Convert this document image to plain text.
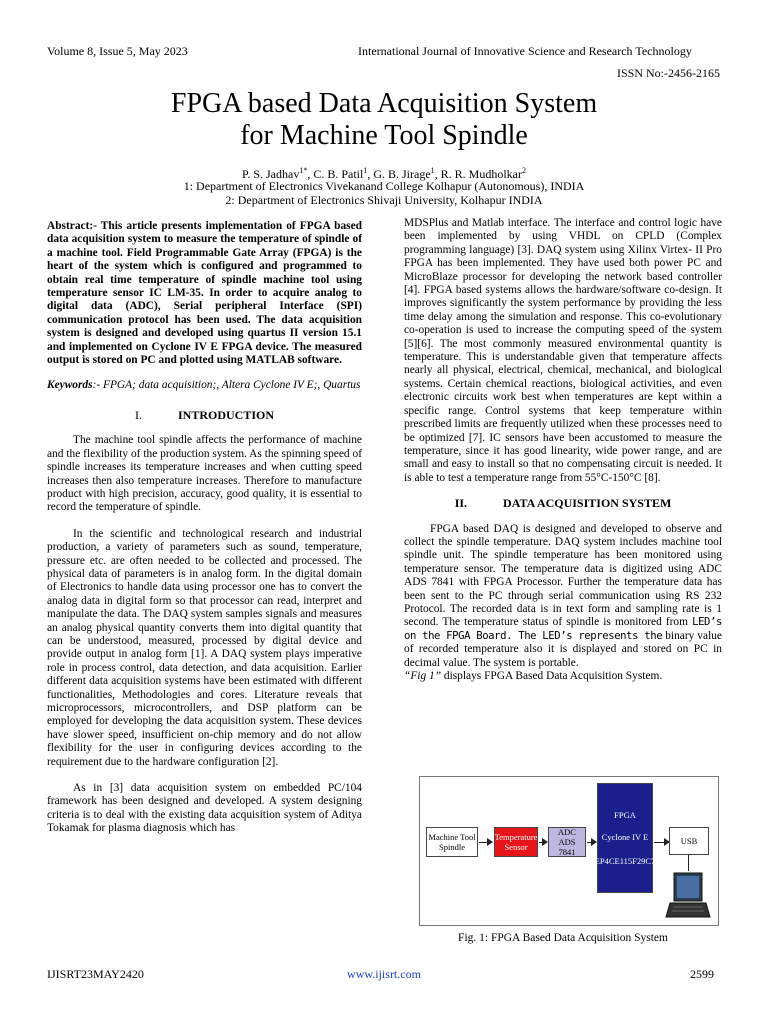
Volume 8, Issue 5, May 2023	International Journal of Innovative Science and Research Technology
ISSN No:-2456-2165
FPGA based Data Acquisition System
for Machine Tool Spindle
P. S. Jadhav$^{1*}$, C. B. Patil$^1$, G. B. Jirage$^1$, R. R. Mudholkar$^2$
1: Department of Electronics Vivekanand College Kolhapur (Autonomous), INDIA
2: Department of Electronics Shivaji University, Kolhapur INDIA

Abstract:- This article presents implementation of FPGA based data acquisition system to measure the temperature of spindle of a machine tool. Field Programmable Gate Array (FPGA) is the heart of the system which is configured and programmed to obtain real time temperature of spindle machine tool using temperature sensor IC LM-35. In order to acquire analog to digital data (ADC), Serial peripheral Interface (SPI) communication protocol has been used. The data acquisition system is designed and developed using quartus II version 15.1 and implemented on Cyclone IV E FPGA device. The measured output is stored on PC and plotted using MATLAB software.

Keywords:- FPGA; data acquisition;, Altera Cyclone IV E;, Quartus

I.	INTRODUCTION

The machine tool spindle affects the performance of machine and the flexibility of the production system. As the spinning speed of spindle increases its temperature increases and when cutting speed increases then also temperature increases. Therefore to manufacture product with high precision, accuracy, good quality, it is essential to record the temperature of spindle.

In the scientific and technological research and industrial production, a variety of parameters such as sound, temperature, pressure etc. are often needed to be collected and processed. The physical data of parameters is in analog form. In the digital domain of Electronics to handle data using processor one has to convert the analog data in digital form so that processor can read, interpret and manipulate the data. The DAQ system samples signals and measures an analog physical quantity converts them into digital quantity that can be understood, measured, processed by digital device and provide output in analog form [1]. A DAQ system plays imperative role in process control, data detection, and data acquisition. Earlier different data acquisition systems have been estimated with different functionalities, Methodologies and cores. Literature reveals that microprocessors, microcontrollers, and DSP platform can be employed for developing the data acquisition system. These devices have slower speed, insufficient on-chip memory and do not allow flexibility for the user in configuring devices according to the requirement due to the hardware configuration [2].

As in [3] data acquisition system on embedded PC/104 framework has been designed and developed. A system designing criteria is to deal with the existing data acquisition system of Aditya Tokamak for plasma diagnosis which has

MDSPlus and Matlab interface. The interface and control logic have been implemented by using VHDL on CPLD (Complex programming language) [3]. DAQ system using Xilinx Virtex- II Pro FPGA has been implemented. They have used both power PC and MicroBlaze processor for developing the network based controller [4]. FPGA based systems allows the hardware/software co-design. It improves significantly the system performance by providing the less time delay among the simulation and response. This co-evolutionary co-operation is used to increase the computing speed of the system [5][6]. The most commonly measured environmental quantity is temperature. This is understandable given that temperature affects nearly all physical, electrical, chemical, mechanical, and biological systems. Certain chemical reactions, biological activities, and even electronic circuits work best when temperatures are kept within a specific range. Control systems that keep temperature within prescribed limits are frequently utilized when these processes need to be optimized [7]. IC sensors have been accustomed to measure the temperature, since it has good linearity, wide power range, and are small and easy to install so that no compensating circuit is needed. It is able to test a temperature range from 55°C-150°C [8].

II.	DATA ACQUISITION SYSTEM

FPGA based DAQ is designed and developed to observe and collect the spindle temperature. DAQ system includes machine tool spindle unit. The spindle temperature has been monitored using temperature sensor. The temperature data is digitized using ADC ADS 7841 with FPGA Processor. Further the temperature data has been sent to the PC through serial communication using RS 232 Protocol. The recorded data is in text form and sampling rate is 1 second. The temperature status of spindle is monitored from LED’s on the FPGA Board. The LED’s represents the binary value of recorded temperature also it is displayed and stored on PC in decimal value. The system is portable.
“Fig 1” displays FPGA Based Data Acquisition System.

Machine Tool Spindle
Temperature Sensor
ADC ADS 7841
FPGA
Cyclone IV E
EP4CE115F29C7
USB
Fig. 1: FPGA Based Data Acquisition System
IJISRT23MAY2420	www.ijisrt.com	2599
